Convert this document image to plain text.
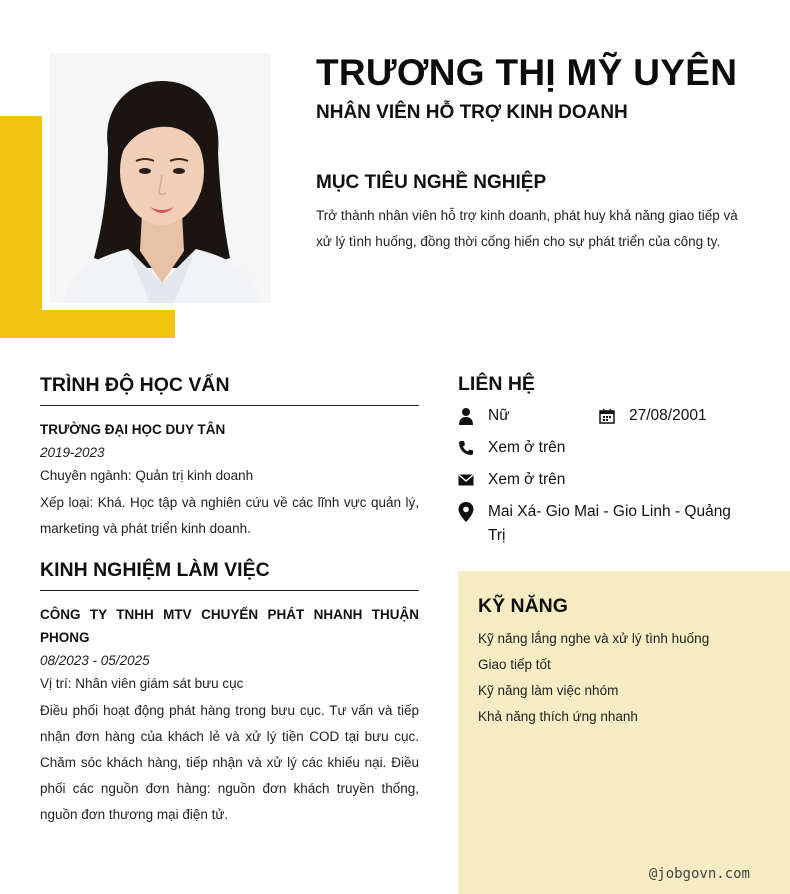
TRƯƠNG THỊ MỸ UYÊN
NHÂN VIÊN HỖ TRỢ KINH DOANH
MỤC TIÊU NGHỀ NGHIỆP
Trở thành nhân viên hỗ trợ kinh doanh, phát huy khả năng giao tiếp và xử lý tình huống, đồng thời cống hiến cho sự phát triển của công ty.
TRÌNH ĐỘ HỌC VẤN
TRƯỜNG ĐẠI HỌC DUY TÂN
2019-2023
Chuyên ngành: Quản trị kinh doanh
Xếp loại: Khá. Học tập và nghiên cứu về các lĩnh vực quản lý, marketing và phát triển kinh doanh.
KINH NGHIỆM LÀM VIỆC
CÔNG TY TNHH MTV CHUYỂN PHÁT NHANH THUẬN PHONG
08/2023 - 05/2025
Vị trí: Nhân viên giám sát bưu cục
Điều phối hoạt động phát hàng trong bưu cục. Tư vấn và tiếp nhận đơn hàng của khách lẻ và xử lý tiền COD tại bưu cục. Chăm sóc khách hàng, tiếp nhận và xử lý các khiếu nại. Điều phối các nguồn đơn hàng: nguồn đơn khách truyền thống, nguồn đơn thương mại điện tử.
LIÊN HỆ
Nữ	27/08/2001
Xem ở trên
Xem ở trên
Mai Xá- Gio Mai - Gio Linh - Quảng Trị
KỸ NĂNG
Kỹ năng lắng nghe và xử lý tình huống
Giao tiếp tốt
Kỹ năng làm việc nhóm
Khả năng thích ứng nhanh
@jobgovn.com
